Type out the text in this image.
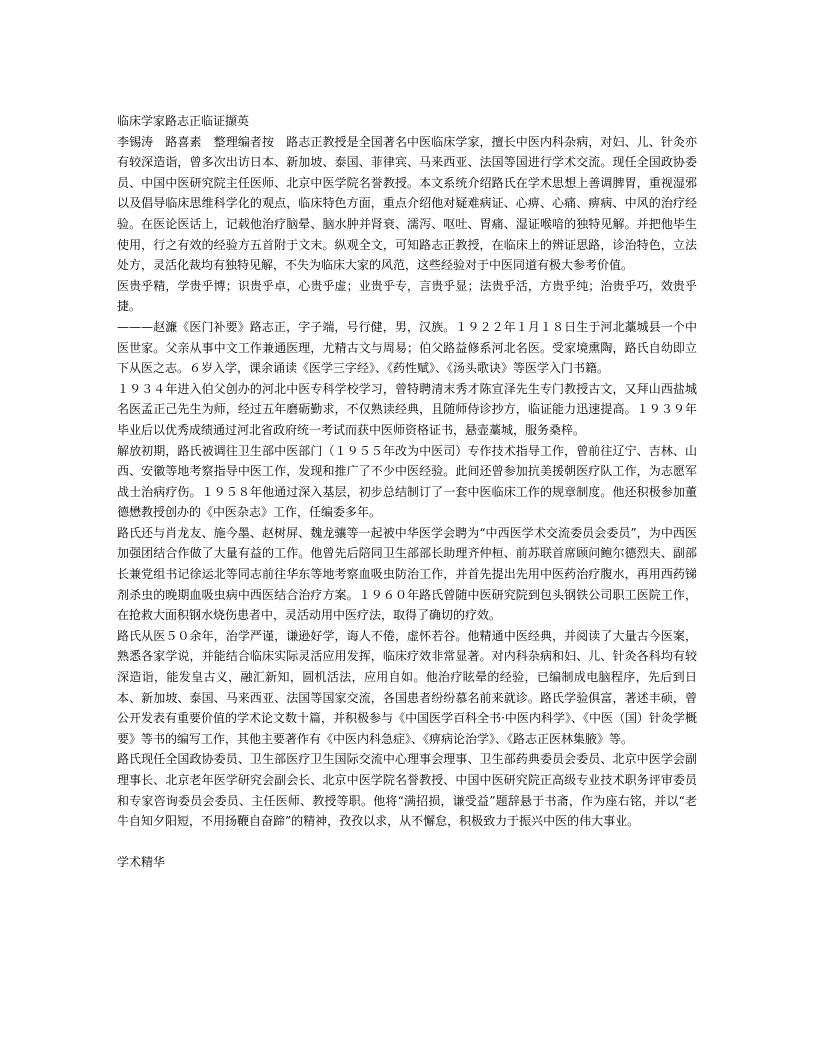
临床学家路志正临证撷英

李锡涛　路喜素　整理编者按　路志正教授是全国著名中医临床学家，擅长中医内科杂病，对妇、儿、针灸亦有较深造诣，曾多次出访日本、新加坡、泰国、菲律宾、马来西亚、法国等国进行学术交流。现任全国政协委员、中国中医研究院主任医师、北京中医学院名誉教授。本文系统介绍路氏在学术思想上善调脾胃，重视湿邪以及倡导临床思维科学化的观点，临床特色方面，重点介绍他对疑难病证、心痹、心痛、痹病、中风的治疗经验。在医论医话上，记载他治疗脑晕、脑水肿并肾衰、濡泻、呕吐、胃痛、湿证喉喑的独特见解。并把他毕生使用，行之有效的经验方五首附于文末。纵观全文，可知路志正教授，在临床上的辨证思路，诊治特色，立法处方，灵活化裁均有独特见解，不失为临床大家的风范，这些经验对于中医同道有极大参考价值。

医贵乎精，学贵乎博；识贵乎卓，心贵乎虚；业贵乎专，言贵乎显；法贵乎活，方贵乎纯；治贵乎巧，效贵乎捷。

———赵濂《医门补要》路志正，字子端，号行健，男，汉族。１９２２年１月１８日生于河北藁城县一个中医世家。父亲从事中文工作兼通医理，尤精古文与周易；伯父路益修系河北名医。受家境熏陶，路氏自幼即立下从医之志。６岁入学，课余诵读《医学三字经》、《药性赋》、《汤头歌诀》等医学入门书籍。

１９３４年进入伯父创办的河北中医专科学校学习，曾特聘清末秀才陈宣泽先生专门教授古文，又拜山西盐城名医孟正己先生为师，经过五年磨砺勤求，不仅熟读经典，且随师侍诊抄方，临证能力迅速提高。１９３９年毕业后以优秀成绩通过河北省政府统一考试而获中医师资格证书，悬壶藁城，服务桑梓。

解放初期，路氏被调往卫生部中医部门（１９５５年改为中医司）专作技术指导工作，曾前往辽宁、吉林、山西、安徽等地考察指导中医工作，发现和推广了不少中医经验。此间还曾参加抗美援朝医疗队工作，为志愿军战士治病疗伤。１９５８年他通过深入基层，初步总结制订了一套中医临床工作的规章制度。他还积极参加董德懋教授创办的《中医杂志》工作，任编委多年。

路氏还与肖龙友、施今墨、赵树屏、魏龙骧等一起被中华医学会聘为“中西医学术交流委员会委员”，为中西医加强团结合作做了大量有益的工作。他曾先后陪同卫生部部长助理齐仲桓、前苏联首席顾问鲍尔德烈夫、副部长兼党组书记徐运北等同志前往华东等地考察血吸虫防治工作，并首先提出先用中医药治疗腹水，再用西药锑剂杀虫的晚期血吸虫病中西医结合治疗方案。１９６０年路氏曾随中医研究院到包头钢铁公司职工医院工作，在抢救大面积钢水烧伤患者中，灵活动用中医疗法，取得了确切的疗效。

路氏从医５０余年，治学严谨，谦逊好学，诲人不倦，虚怀若谷。他精通中医经典，并阅读了大量古今医案，熟悉各家学说，并能结合临床实际灵活应用发挥，临床疗效非常显著。对内科杂病和妇、儿、针灸各科均有较深造诣，能发皇古义，融汇新知，圆机活法，应用自如。他治疗眩晕的经验，已编制成电脑程序，先后到日本、新加坡、泰国、马来西亚、法国等国家交流，各国患者纷纷慕名前来就诊。路氏学验俱富，著述丰硕，曾公开发表有重要价值的学术论文数十篇，并积极参与《中国医学百科全书·中医内科学》、《中医（国）针灸学概要》等书的编写工作，其他主要著作有《中医内科急症》、《痹病论治学》、《路志正医林集腋》等。

路氏现任全国政协委员、卫生部医疗卫生国际交流中心理事会理事、卫生部药典委员会委员、北京中医学会副理事长、北京老年医学研究会副会长、北京中医学院名誉教授、中国中医研究院正高级专业技术职务评审委员和专家咨询委员会委员、主任医师、教授等职。他将“满招损，谦受益”题辞悬于书斋，作为座右铭，并以“老牛自知夕阳短，不用扬鞭自奋蹄”的精神，孜孜以求，从不懈怠，积极致力于振兴中医的伟大事业。

学术精华
